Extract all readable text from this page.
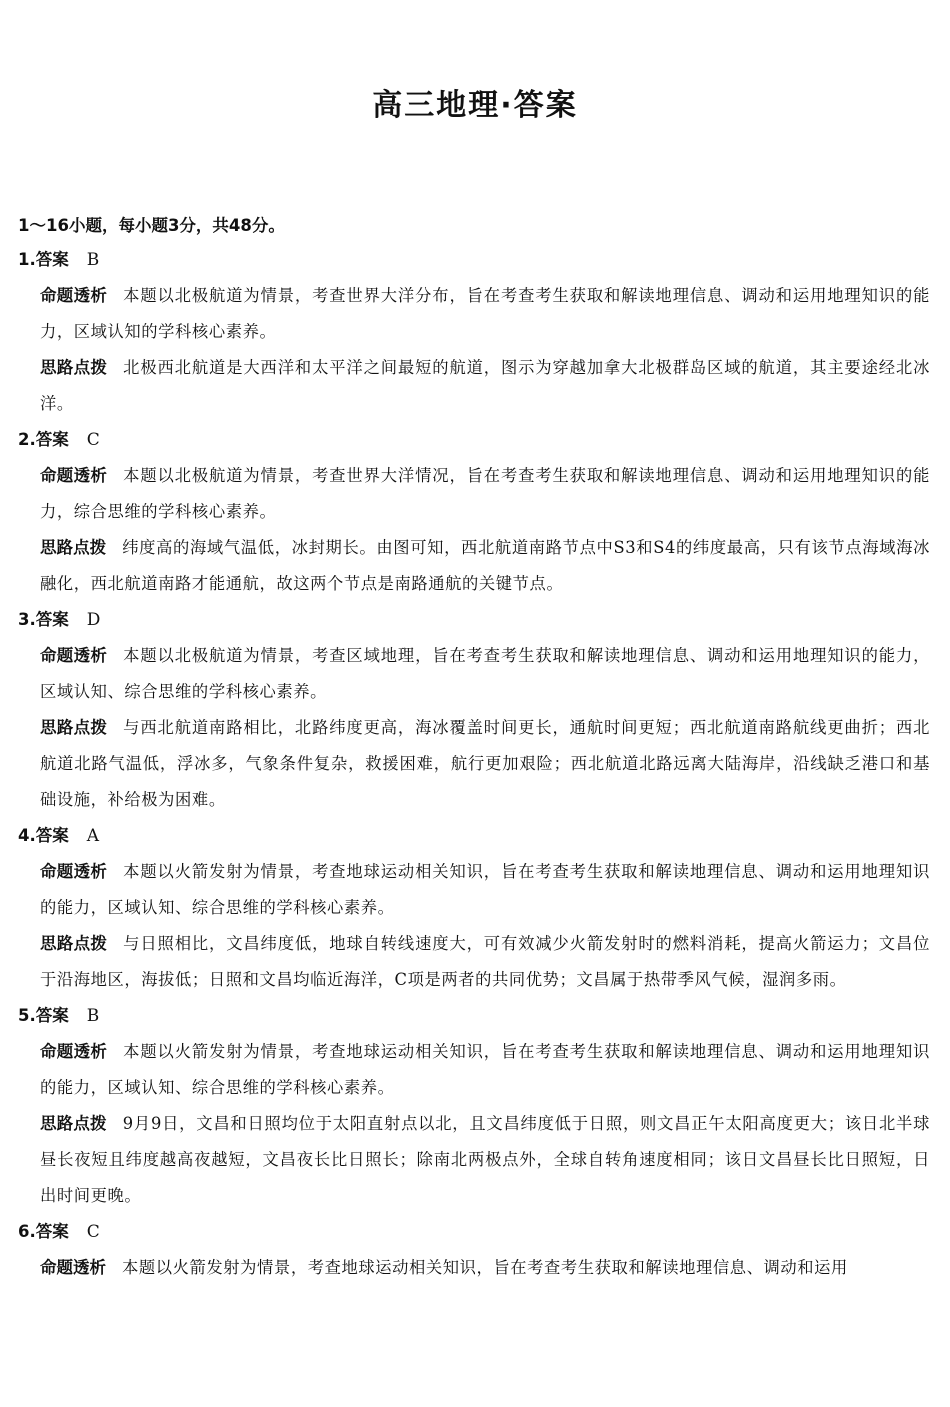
高三地理·答案
1～16小题，每小题3分，共48分。
1.答案 B
命题透析 本题以北极航道为情景，考查世界大洋分布，旨在考查考生获取和解读地理信息、调动和运用地理知识的能力，区域认知的学科核心素养。
思路点拨 北极西北航道是大西洋和太平洋之间最短的航道，图示为穿越加拿大北极群岛区域的航道，其主要途经北冰洋。
2.答案 C
命题透析 本题以北极航道为情景，考查世界大洋情况，旨在考查考生获取和解读地理信息、调动和运用地理知识的能力，综合思维的学科核心素养。
思路点拨 纬度高的海域气温低，冰封期长。由图可知，西北航道南路节点中S3和S4的纬度最高，只有该节点海域海冰融化，西北航道南路才能通航，故这两个节点是南路通航的关键节点。
3.答案 D
命题透析 本题以北极航道为情景，考查区域地理，旨在考查考生获取和解读地理信息、调动和运用地理知识的能力，区域认知、综合思维的学科核心素养。
思路点拨 与西北航道南路相比，北路纬度更高，海冰覆盖时间更长，通航时间更短；西北航道南路航线更曲折；西北航道北路气温低，浮冰多，气象条件复杂，救援困难，航行更加艰险；西北航道北路远离大陆海岸，沿线缺乏港口和基础设施，补给极为困难。
4.答案 A
命题透析 本题以火箭发射为情景，考查地球运动相关知识，旨在考查考生获取和解读地理信息、调动和运用地理知识的能力，区域认知、综合思维的学科核心素养。
思路点拨 与日照相比，文昌纬度低，地球自转线速度大，可有效减少火箭发射时的燃料消耗，提高火箭运力；文昌位于沿海地区，海拔低；日照和文昌均临近海洋，C项是两者的共同优势；文昌属于热带季风气候，湿润多雨。
5.答案 B
命题透析 本题以火箭发射为情景，考查地球运动相关知识，旨在考查考生获取和解读地理信息、调动和运用地理知识的能力，区域认知、综合思维的学科核心素养。
思路点拨 9月9日，文昌和日照均位于太阳直射点以北，且文昌纬度低于日照，则文昌正午太阳高度更大；该日北半球昼长夜短且纬度越高夜越短，文昌夜长比日照长；除南北两极点外，全球自转角速度相同；该日文昌昼长比日照短，日出时间更晚。
6.答案 C
命题透析 本题以火箭发射为情景，考查地球运动相关知识，旨在考查考生获取和解读地理信息、调动和运用
